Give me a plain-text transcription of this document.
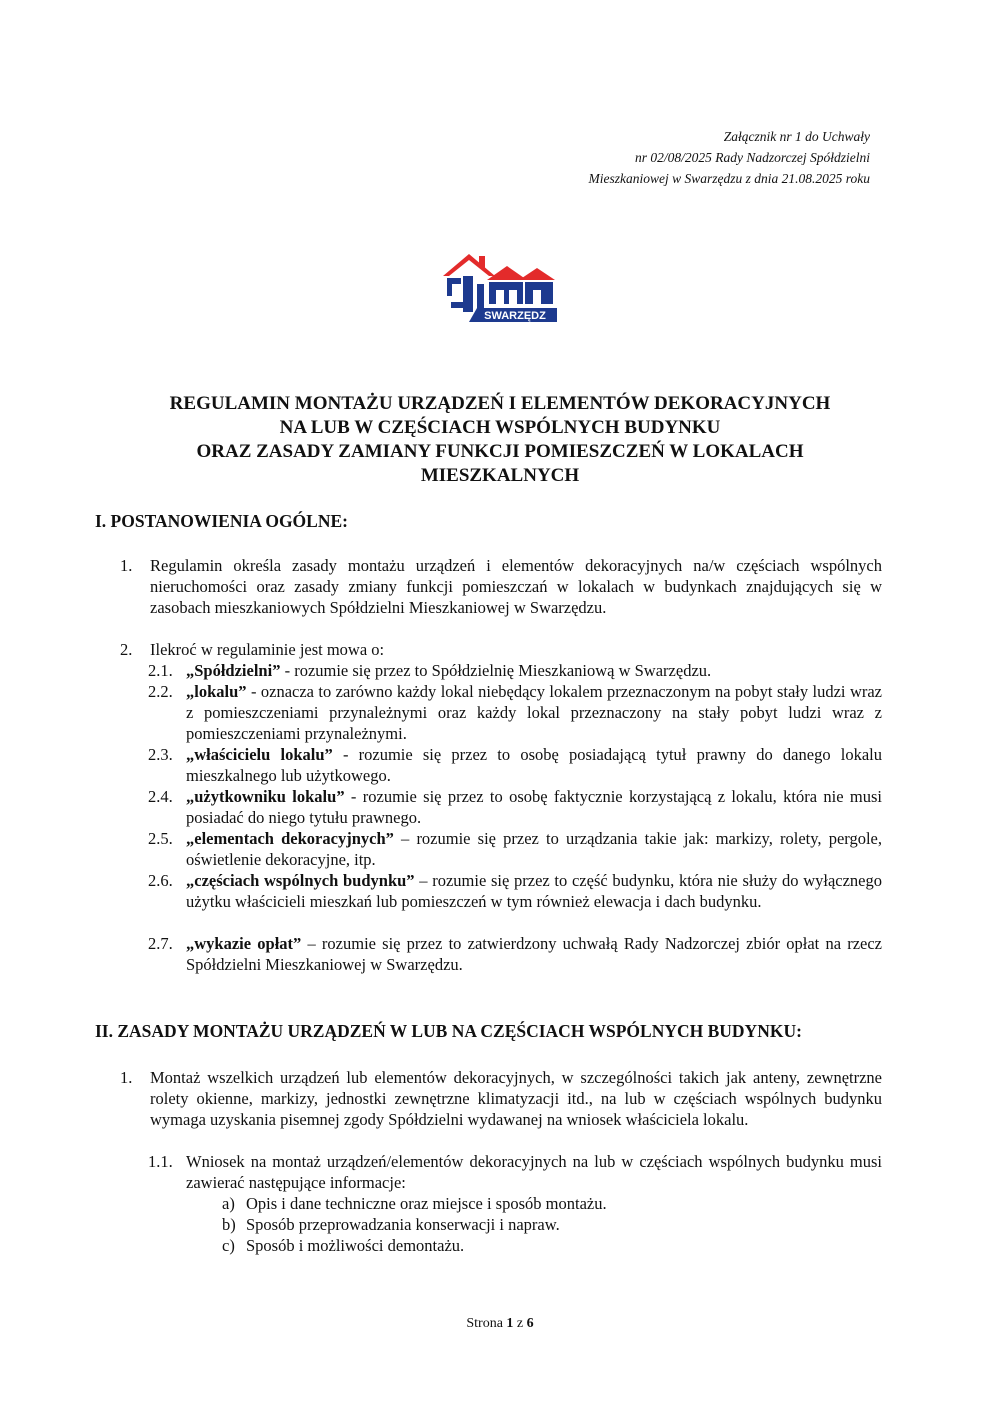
Załącznik nr 1 do Uchwały
nr 02/08/2025 Rady Nadzorczej Spółdzielni
Mieszkaniowej w Swarzędzu z dnia 21.08.2025 roku
SWARZĘDZ
REGULAMIN MONTAŻU URZĄDZEŃ I ELEMENTÓW DEKORACYJNYCH
NA LUB W CZĘŚCIACH WSPÓLNYCH BUDYNKU
ORAZ ZASADY ZAMIANY FUNKCJI POMIESZCZEŃ W LOKALACH
MIESZKALNYCH
I. POSTANOWIENIA OGÓLNE:
1. Regulamin określa zasady montażu urządzeń i elementów dekoracyjnych na/w częściach wspólnych nieruchomości oraz zasady zmiany funkcji pomieszczań w lokalach w budynkach znajdujących się w zasobach mieszkaniowych Spółdzielni Mieszkaniowej w Swarzędzu.
2. Ilekroć w regulaminie jest mowa o:
2.1. „Spółdzielni” - rozumie się przez to Spółdzielnię Mieszkaniową w Swarzędzu.
2.2. „lokalu” - oznacza to zarówno każdy lokal niebędący lokalem przeznaczonym na pobyt stały ludzi wraz z pomieszczeniami przynależnymi oraz każdy lokal przeznaczony na stały pobyt ludzi wraz z pomieszczeniami przynależnymi.
2.3. „właścicielu lokalu” - rozumie się przez to osobę posiadającą tytuł prawny do danego lokalu mieszkalnego lub użytkowego.
2.4. „użytkowniku lokalu” - rozumie się przez to osobę faktycznie korzystającą z lokalu, która nie musi posiadać do niego tytułu prawnego.
2.5. „elementach dekoracyjnych” – rozumie się przez to urządzania takie jak: markizy, rolety, pergole, oświetlenie dekoracyjne, itp.
2.6. „częściach wspólnych budynku” – rozumie się przez to część budynku, która nie służy do wyłącznego użytku właścicieli mieszkań lub pomieszczeń w tym również elewacja i dach budynku.
2.7. „wykazie opłat” – rozumie się przez to zatwierdzony uchwałą Rady Nadzorczej zbiór opłat na rzecz Spółdzielni Mieszkaniowej w Swarzędzu.
II. ZASADY MONTAŻU URZĄDZEŃ W LUB NA CZĘŚCIACH WSPÓLNYCH BUDYNKU:
1. Montaż wszelkich urządzeń lub elementów dekoracyjnych, w szczególności takich jak anteny, zewnętrzne rolety okienne, markizy, jednostki zewnętrzne klimatyzacji itd., na lub w częściach wspólnych budynku wymaga uzyskania pisemnej zgody Spółdzielni wydawanej na wniosek właściciela lokalu.
1.1. Wniosek na montaż urządzeń/elementów dekoracyjnych na lub w częściach wspólnych budynku musi zawierać następujące informacje:
a) Opis i dane techniczne oraz miejsce i sposób montażu.
b) Sposób przeprowadzania konserwacji i napraw.
c) Sposób i możliwości demontażu.
Strona 1 z 6
